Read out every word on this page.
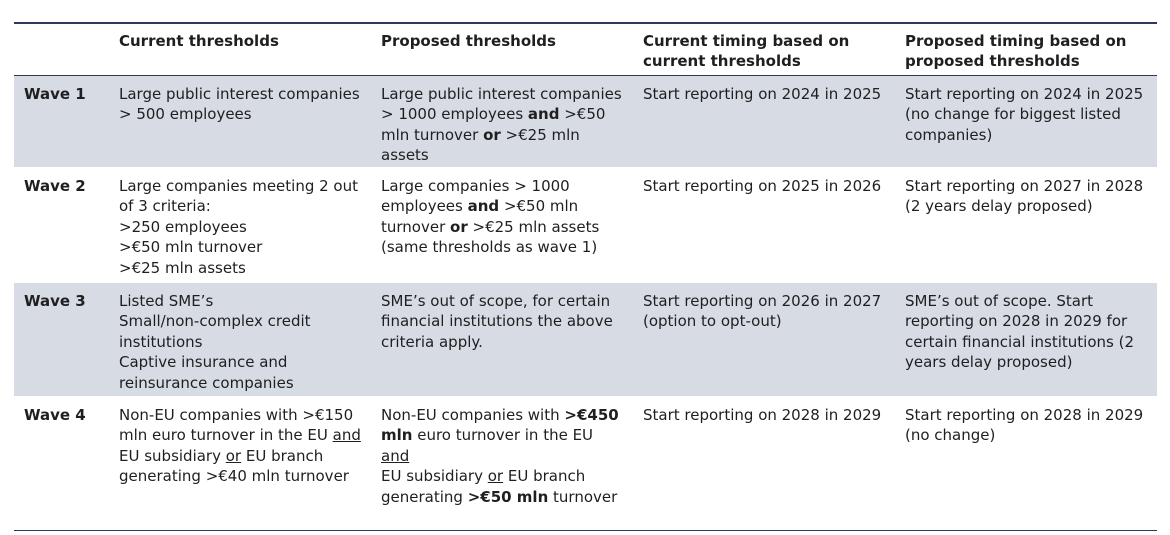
	Current thresholds	Proposed thresholds	Current timing based on current thresholds	Proposed timing based on proposed thresholds
Wave 1	Large public interest companies > 500 employees	Large public interest companies > 1000 employees and >€50 mln turnover or >€25 mln assets	Start reporting on 2024 in 2025	Start reporting on 2024 in 2025 (no change for biggest listed companies)
Wave 2	Large companies meeting 2 out of 3 criteria:
>250 employees
>€50 mln turnover
>€25 mln assets	Large companies > 1000 employees and >€50 mln turnover or >€25 mln assets (same thresholds as wave 1)	Start reporting on 2025 in 2026	Start reporting on 2027 in 2028 (2 years delay proposed)
Wave 3	Listed SME’s
Small/non-complex credit institutions
Captive insurance and reinsurance companies	SME’s out of scope, for certain financial institutions the above criteria apply.	Start reporting on 2026 in 2027 (option to opt-out)	SME’s out of scope. Start reporting on 2028 in 2029 for certain financial institutions (2 years delay proposed)
Wave 4	Non-EU companies with >€150 mln euro turnover in the EU and
EU subsidiary or EU branch generating >€40 mln turnover	Non-EU companies with >€450 mln euro turnover in the EU and
EU subsidiary or EU branch generating >€50 mln turnover	Start reporting on 2028 in 2029	Start reporting on 2028 in 2029 (no change)
